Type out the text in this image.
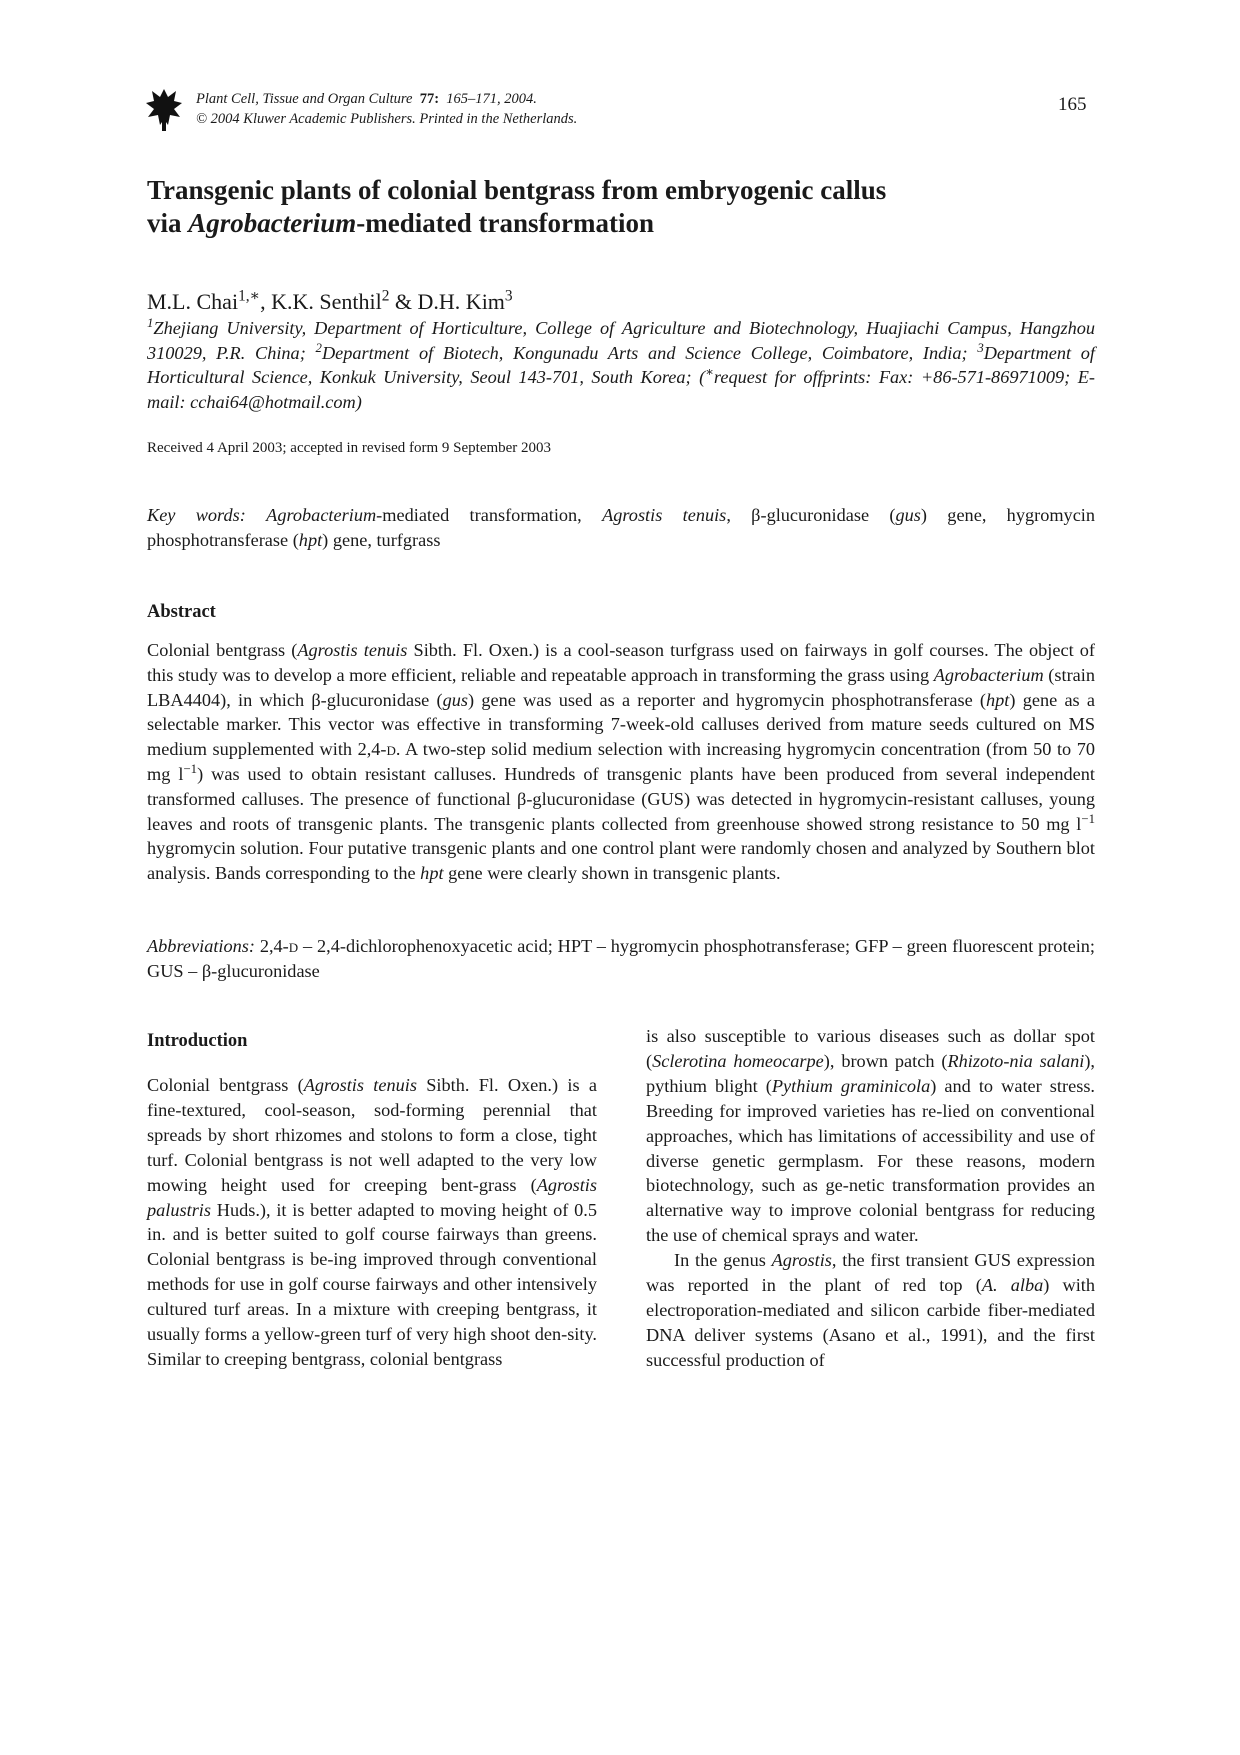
Plant Cell, Tissue and Organ Culture 77: 165–171, 2004.
© 2004 Kluwer Academic Publishers. Printed in the Netherlands.
165
Transgenic plants of colonial bentgrass from embryogenic callus
via Agrobacterium-mediated transformation
M.L. Chai$^{1,∗}$, K.K. Senthil$^2$ & D.H. Kim$^3$
$^1$Zhejiang University, Department of Horticulture, College of Agriculture and Biotechnology, Huajiachi Campus, Hangzhou 310029, P.R. China; $^2$Department of Biotech, Kongunadu Arts and Science College, Coimbatore, India; $^3$Department of Horticultural Science, Konkuk University, Seoul 143-701, South Korea; (∗request for offprints: Fax: +86-571-86971009; E-mail: cchai64@hotmail.com)
Received 4 April 2003; accepted in revised form 9 September 2003
Key words: Agrobacterium-mediated transformation, Agrostis tenuis, β-glucuronidase (gus) gene, hygromycin phosphotransferase (hpt) gene, turfgrass
Abstract
Colonial bentgrass (Agrostis tenuis Sibth. Fl. Oxen.) is a cool-season turfgrass used on fairways in golf courses. The object of this study was to develop a more efficient, reliable and repeatable approach in transforming the grass using Agrobacterium (strain LBA4404), in which β-glucuronidase (gus) gene was used as a reporter and hygromycin phosphotransferase (hpt) gene as a selectable marker. This vector was effective in transforming 7-week-old calluses derived from mature seeds cultured on MS medium supplemented with 2,4-d. A two-step solid medium selection with increasing hygromycin concentration (from 50 to 70 mg $l^{-1}$) was used to obtain resistant calluses. Hundreds of transgenic plants have been produced from several independent transformed calluses. The presence of functional β-glucuronidase (GUS) was detected in hygromycin-resistant calluses, young leaves and roots of transgenic plants. The transgenic plants collected from greenhouse showed strong resistance to 50 mg $l^{-1}$ hygromycin solution. Four putative transgenic plants and one control plant were randomly chosen and analyzed by Southern blot analysis. Bands corresponding to the hpt gene were clearly shown in transgenic plants.
Abbreviations: 2,4-d – 2,4-dichlorophenoxyacetic acid; HPT – hygromycin phosphotransferase; GFP – green fluorescent protein; GUS – β-glucuronidase
Introduction
Colonial bentgrass (Agrostis tenuis Sibth. Fl. Oxen.) is a fine-textured, cool-season, sod-forming perennial that spreads by short rhizomes and stolons to form a close, tight turf. Colonial bentgrass is not well adapted to the very low mowing height used for creeping bent-grass (Agrostis palustris Huds.), it is better adapted to moving height of 0.5 in. and is better suited to golf course fairways than greens. Colonial bentgrass is be-ing improved through conventional methods for use in golf course fairways and other intensively cultured turf areas. In a mixture with creeping bentgrass, it usually forms a yellow-green turf of very high shoot den-sity. Similar to creeping bentgrass, colonial bentgrass
is also susceptible to various diseases such as dollar spot (Sclerotina homeocarpe), brown patch (Rhizoto-nia salani), pythium blight (Pythium graminicola) and to water stress. Breeding for improved varieties has re-lied on conventional approaches, which has limitations of accessibility and use of diverse genetic germplasm. For these reasons, modern biotechnology, such as ge-netic transformation provides an alternative way to improve colonial bentgrass for reducing the use of chemical sprays and water.
In the genus Agrostis, the first transient GUS expression was reported in the plant of red top (A. alba) with electroporation-mediated and silicon carbide fiber-mediated DNA deliver systems (Asano et al., 1991), and the first successful production of
